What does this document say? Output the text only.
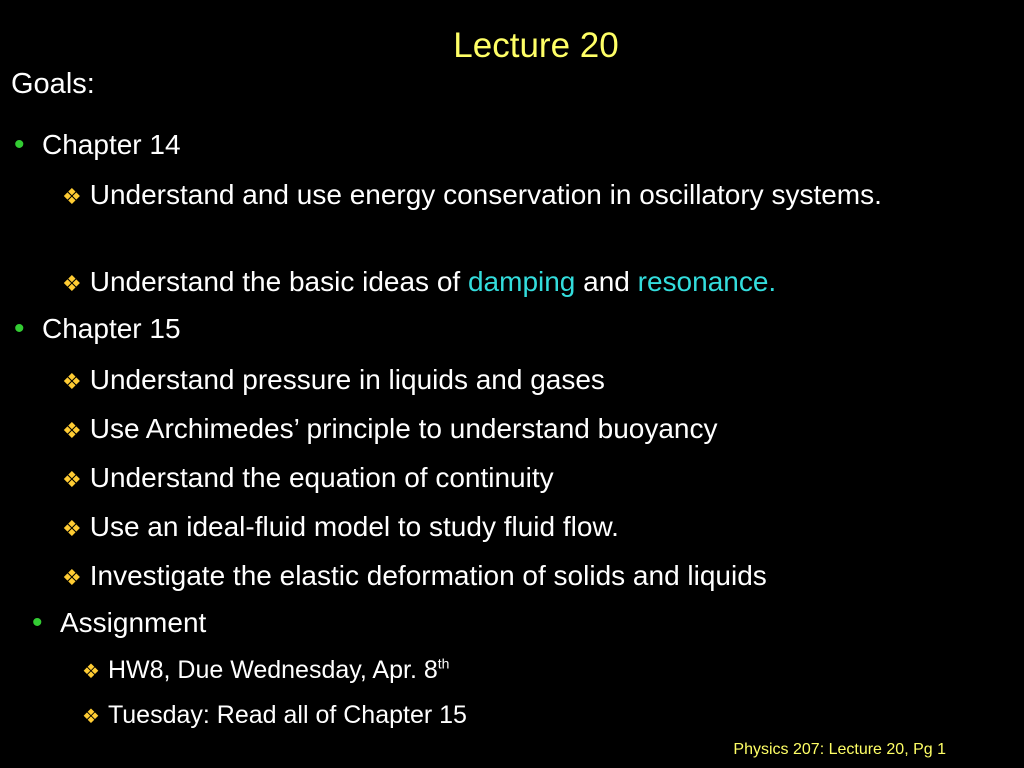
Lecture 20
Goals:
• Chapter 14
❖ Understand and use energy conservation in oscillatory systems.
❖ Understand the basic ideas of damping and resonance.
• Chapter 15
❖ Understand pressure in liquids and gases
❖ Use Archimedes’ principle to understand buoyancy
❖ Understand the equation of continuity
❖ Use an ideal-fluid model to study fluid flow.
❖ Investigate the elastic deformation of solids and liquids
• Assignment
❖ HW8, Due Wednesday, Apr. 8th
❖ Tuesday: Read all of Chapter 15
Physics 207: Lecture 20, Pg 1
